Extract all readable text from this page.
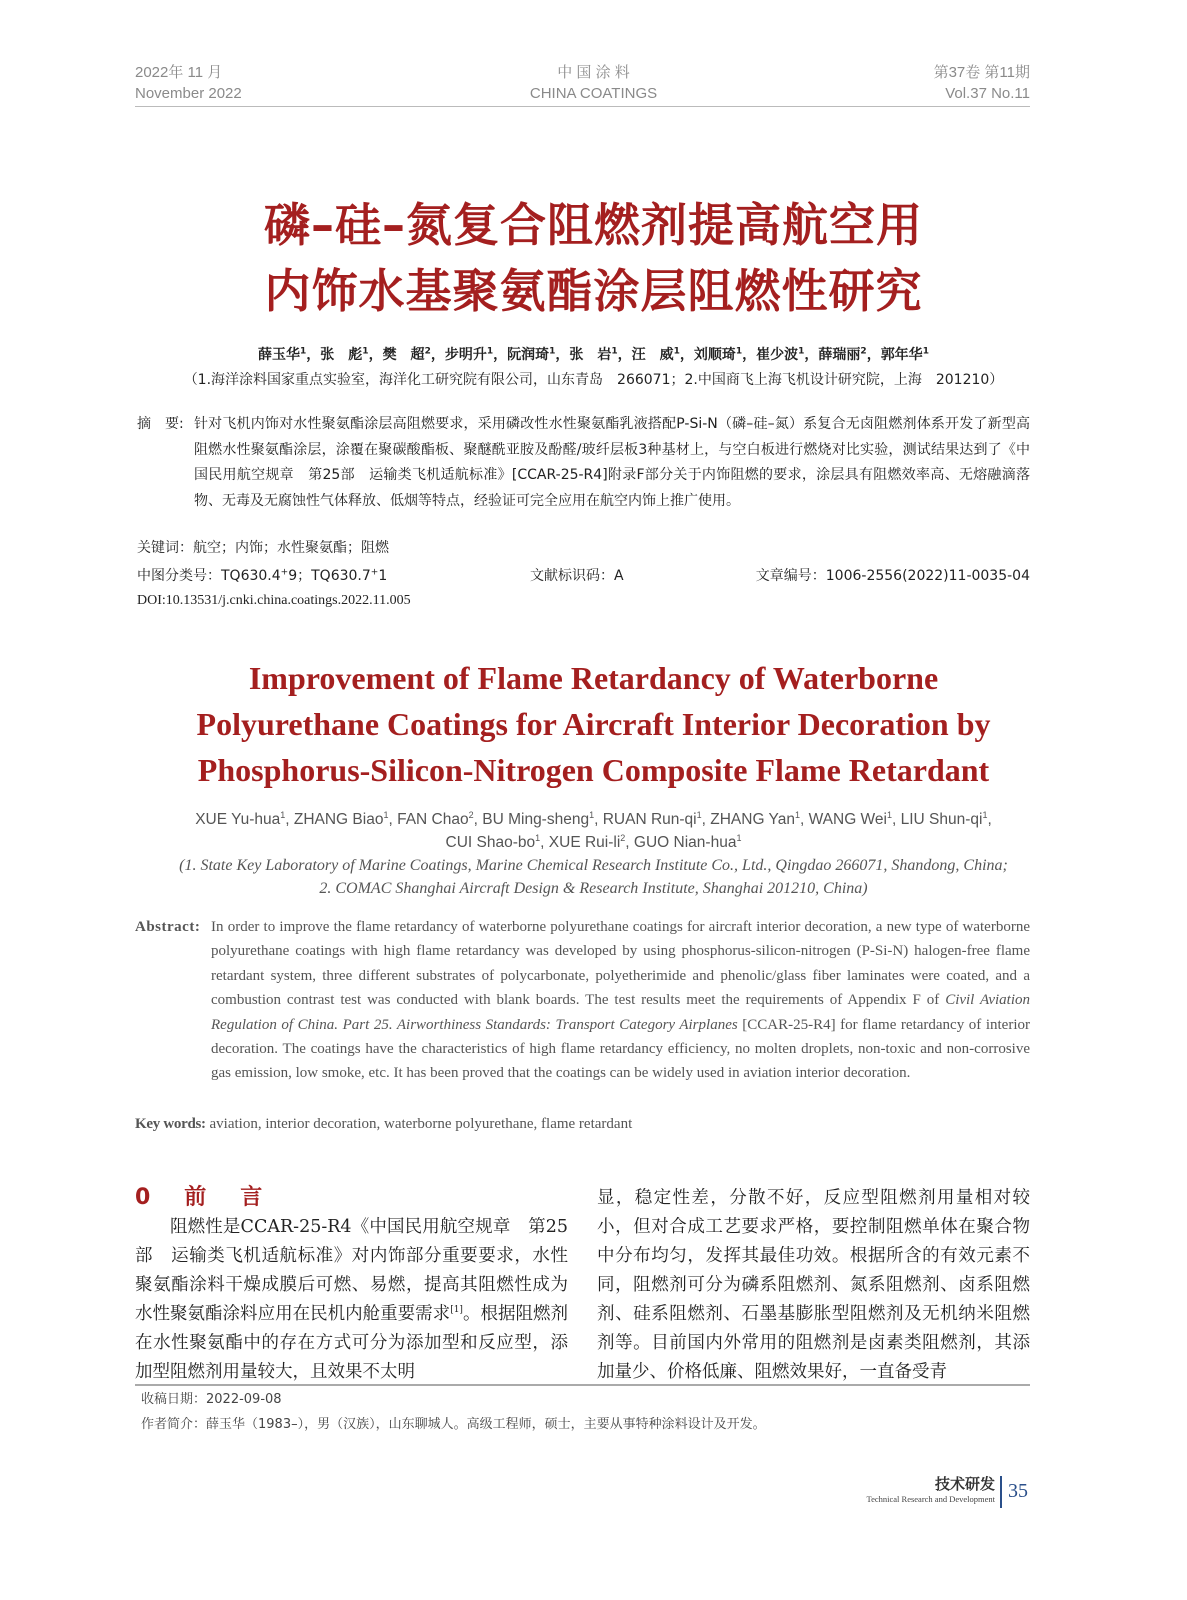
2022年 11 月
November 2022
中 国 涂 料
CHINA COATINGS
第37卷 第11期
Vol.37 No.11
磷–硅–氮复合阻燃剂提高航空用
内饰水基聚氨酯涂层阻燃性研究
薛玉华$^1$，张　彪$^1$，樊　超$^2$，步明升$^1$，阮润琦$^1$，张　岩$^1$，汪　威$^1$，刘顺琦$^1$，崔少波$^1$，薛瑞丽$^2$，郭年华$^1$
（1.海洋涂料国家重点实验室，海洋化工研究院有限公司，山东青岛　266071；2.中国商飞上海飞机设计研究院，上海　201210）
摘　要: 针对飞机内饰对水性聚氨酯涂层高阻燃要求，采用磷改性水性聚氨酯乳液搭配P-Si-N（磷–硅–氮）系复合无卤阻燃剂体系开发了新型高阻燃水性聚氨酯涂层，涂覆在聚碳酸酯板、聚醚酰亚胺及酚醛/玻纤层板3种基材上，与空白板进行燃烧对比实验，测试结果达到了《中国民用航空规章　第25部　运输类飞机适航标准》[CCAR-25-R4]附录F部分关于内饰阻燃的要求，涂层具有阻燃效率高、无熔融滴落物、无毒及无腐蚀性气体释放、低烟等特点，经验证可完全应用在航空内饰上推广使用。
关键词：航空；内饰；水性聚氨酯；阻燃
中图分类号：TQ630.4+9；TQ630.7+1	文献标识码：A	文章编号：1006-2556(2022)11-0035-04
DOI:10.13531/j.cnki.china.coatings.2022.11.005
Improvement of Flame Retardancy of Waterborne
Polyurethane Coatings for Aircraft Interior Decoration by
Phosphorus-Silicon-Nitrogen Composite Flame Retardant
XUE Yu-hua$^1$, ZHANG Biao$^1$, FAN Chao$^2$, BU Ming-sheng$^1$, RUAN Run-$qi^1$, ZHANG Yan$^1$, WANG Wei$^1$, LIU Shun-$qi^1$,
CUI Shao-$bo^1$, XUE Rui-$li^2$, GUO Nian-hua$^1$
(1. State Key Laboratory of Marine Coatings, Marine Chemical Research Institute Co., Ltd., Qingdao 266071, Shandong, China;
2. COMAC Shanghai Aircraft Design & Research Institute, Shanghai 201210, China)
Abstract: In order to improve the flame retardancy of waterborne polyurethane coatings for aircraft interior decoration, a new type of waterborne polyurethane coatings with high flame retardancy was developed by using phosphorus-silicon-nitrogen (P-Si-N) halogen-free flame retardant system, three different substrates of polycarbonate, polyetherimide and phenolic/glass fiber laminates were coated, and a combustion contrast test was conducted with blank boards. The test results meet the requirements of Appendix F of Civil Aviation Regulation of China. Part 25. Airworthiness Standards: Transport Category Airplanes [CCAR-25-R4] for flame retardancy of interior decoration. The coatings have the characteristics of high flame retardancy efficiency, no molten droplets, non-toxic and non-corrosive gas emission, low smoke, etc. It has been proved that the coatings can be widely used in aviation interior decoration.
Key words: aviation, interior decoration, waterborne polyurethane, flame retardant
0　前　言
阻燃性是CCAR-25-R4《中国民用航空规章　第25部　运输类飞机适航标准》对内饰部分重要要求，水性聚氨酯涂料干燥成膜后可燃、易燃，提高其阻燃性成为水性聚氨酯涂料应用在民机内舱重要需求[1]。根据阻燃剂在水性聚氨酯中的存在方式可分为添加型和反应型，添加型阻燃剂用量较大，且效果不太明
显，稳定性差，分散不好，反应型阻燃剂用量相对较小，但对合成工艺要求严格，要控制阻燃单体在聚合物中分布均匀，发挥其最佳功效。根据所含的有效元素不同，阻燃剂可分为磷系阻燃剂、氮系阻燃剂、卤系阻燃剂、硅系阻燃剂、石墨基膨胀型阻燃剂及无机纳米阻燃剂等。目前国内外常用的阻燃剂是卤素类阻燃剂，其添加量少、价格低廉、阻燃效果好，一直备受青
收稿日期：2022-09-08
作者简介：薛玉华（1983–），男（汉族），山东聊城人。高级工程师，硕士，主要从事特种涂料设计及开发。
技术研发
Technical Research and Development 35
